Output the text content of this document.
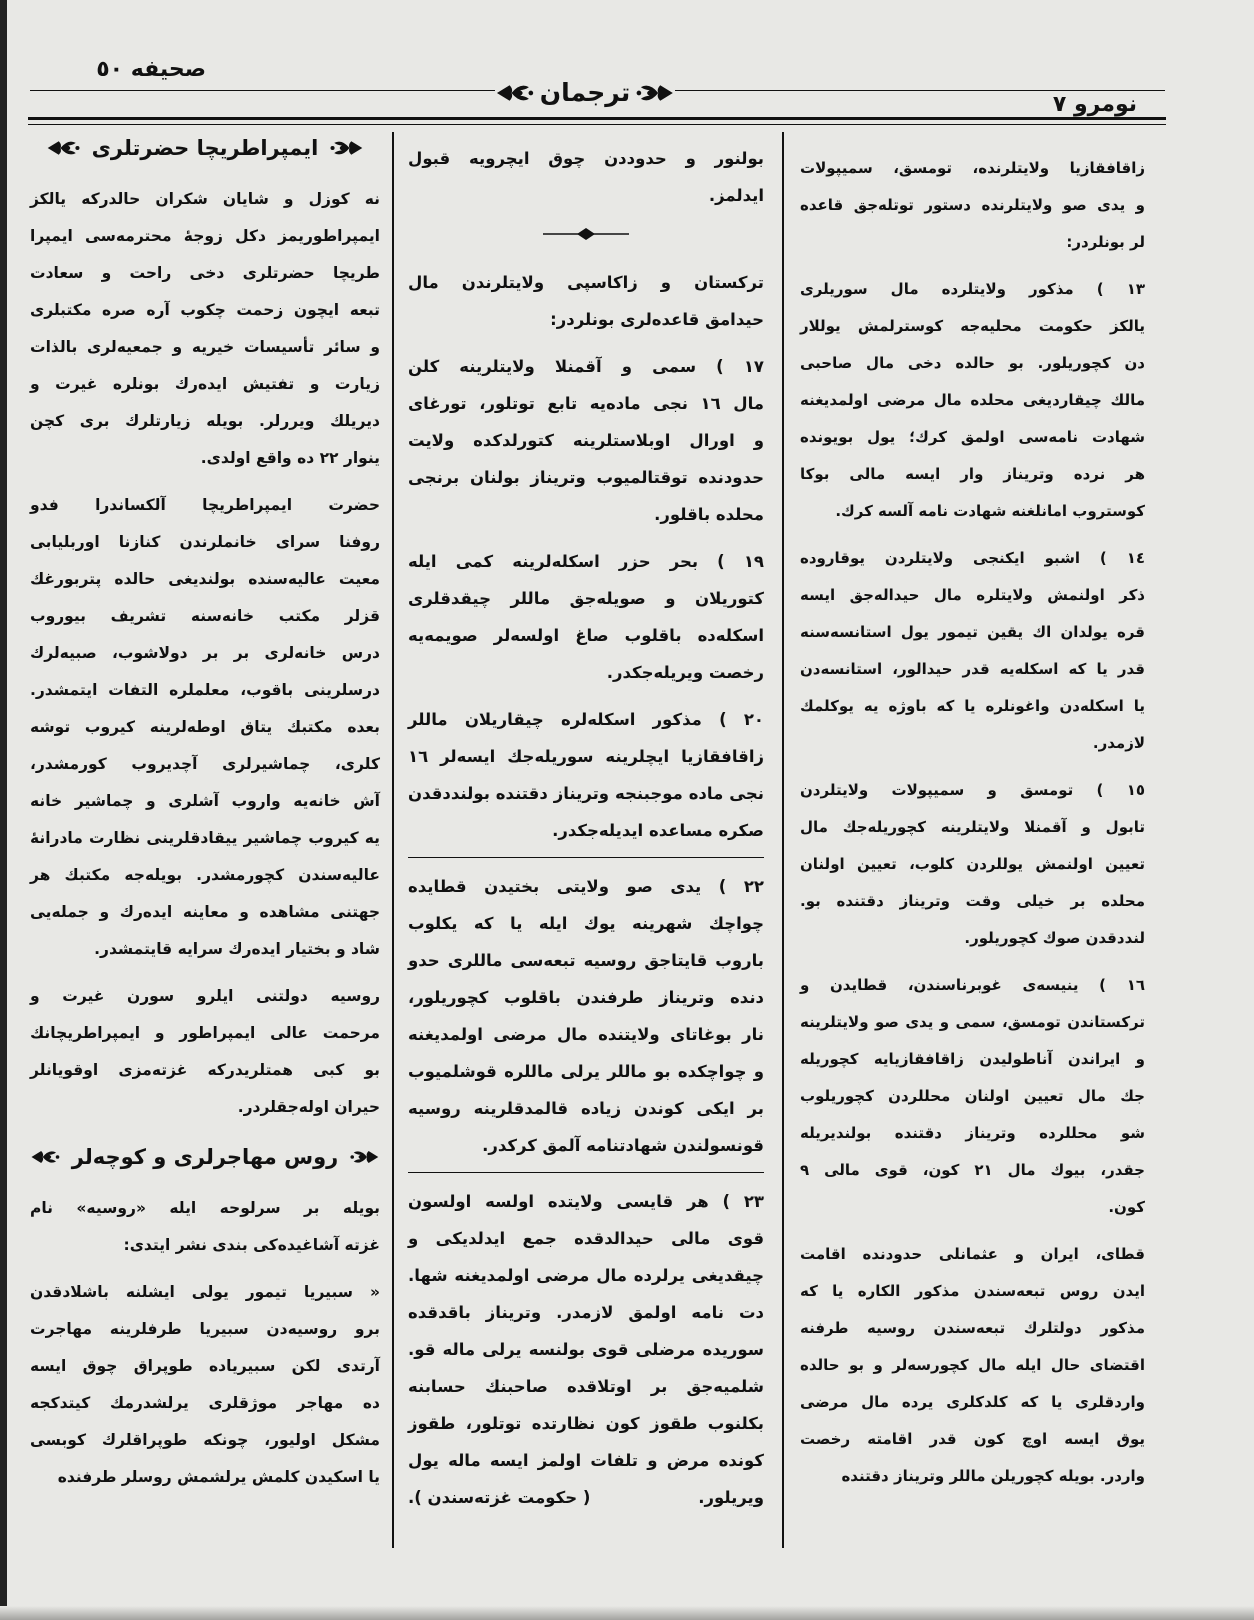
صحیفه ٥٠
ترجمان	نومرو ٧
زاقافقازیا ولایتلرنده، تومسق، سمیپولات
و یدی صو ولایتلرنده دستور توتله‌جق قاعده
لر بونلردر:
١٣ ) مذکور ولایتلرده مال سوریلری
یالکز حکومت محلیه‌جه کوسترلمش یوللار
دن کچوریلور. بو حالده دخی مال صاحبی
مالك چیقاردیغی محلده مال مرضی اولمدیغنه
شهادت نامه‌سی اولمق کرك؛ یول بویونده
هر نرده وتریناز وار ایسه مالی بوکا
کوستروب امانلغنه شهادت نامه آلسه کرك.
١٤ ) اشبو ایکنجی ولایتلردن یوقاروده
ذکر اولنمش ولایتلره مال حیداله‌جق ایسه
قره یولدان اك یقین تیمور یول استانسه‌سنه
قدر یا که اسکله‌یه قدر حیدالور، استانسه‌دن
یا اسکله‌دن واغونلره یا که باوژه یه یوکلمك
لازمدر.
١٥ ) تومسق و سمیپولات ولایتلردن
تابول و آقمنلا ولایتلرینه کچوریله‌جك مال
تعیین اولنمش یوللردن کلوب، تعیین اولنان
محلده بر خیلی وقت وتریناز دقتنده بو.
لنددقدن صوك کچوریلور.
١٦ ) ینیسه‌ی غوبرناسندن، قطایدن و
ترکستاندن تومسق، سمی و یدی صو ولایتلرینه
و ایراندن آناطولیدن زاقافقازیایه کچوریله
جك مال تعیین اولنان محللردن کچوریلوب
شو محللرده وتریناز دقتنده بولندیریله
جقدر، بیوك مال ٢١ کون، قوی مالی ٩
کون.
قطای، ایران و عثمانلی حدودنده اقامت
ایدن روس تبعه‌سندن مذکور الکاره یا که
مذکور دولتلرك تبعه‌سندن روسیه طرفنه
اقتضای حال ایله مال کچورسه‌لر و بو حالده
واردقلری یا که کلدکلری یرده مال مرضی
یوق ایسه اوچ کون قدر اقامته رخصت
واردر. بویله کچوریلن ماللر وتریناز دقتنده
بولنور و حدوددن چوق ایچرویه قبول
ایدلمز.
ترکستان و زاکاسپی ولایتلرندن مال
حیدامق قاعده‌لری بونلردر:
١٧ ) سمی و آقمنلا ولایتلرینه کلن
مال ١٦ نجی ماده‌یه تابع توتلور، تورغای
و اورال اوبلاستلرینه کتورلدکده ولایت
حدودنده توقتالمیوب وتریناز بولنان برنجی
محلده باقلور.
١٩ ) بحر حزر اسکله‌لرینه کمی ایله
کتوریلان و صویله‌جق ماللر چیقدقلری
اسکله‌ده باقلوب صاغ اولسه‌لر صویمه‌یه
رخصت ویریله‌جکدر.
٢٠ ) مذکور اسکله‌لره چیقاریلان ماللر
زاقافقازیا ایچلرینه سوریله‌جك ایسه‌لر ١٦
نجی ماده موجبنجه وتریناز دقتنده بولنددقدن
صکره مساعده ایدیله‌جکدر.
٢٢ ) یدی صو ولایتی بختیدن قطایده
چواچك شهرینه یوك ایله یا که یکلوب
باروب قایتاجق روسیه تبعه‌سی ماللری حدو
دنده وتریناز طرفندن باقلوب کچوریلور،
نار بوغاتای ولایتنده مال مرضی اولمدیغنه
و چواچکده بو ماللر یرلی ماللره قوشلمیوب
بر ایکی کوندن زیاده قالمدقلرینه روسیه
قونسولندن شهادتنامه آلمق کرکدر.
٢٣ ) هر قایسی ولایتده اولسه اولسون
قوی مالی حیدالدقده جمع ایدلدیکی و
چیقدیغی یرلرده مال مرضی اولمدیغنه شها.
دت نامه اولمق لازمدر. وتریناز باقدقده
سوریده مرضلی قوی بولنسه یرلی ماله قو.
شلمیه‌جق بر اوتلاقده صاحبنك حسابنه
بکلنوب طقوز کون نظارتده توتلور، طقوز
کونده مرض و تلفات اولمز ایسه ماله یول
ویریلور.
( حکومت غزته‌سندن ).
ایمپراطریچا حضرتلری
نه کوزل و شایان شکران حالدرکه یالکز
ایمپراطوریمز دکل زوجۀ محترمه‌سی ایمپرا
طریچا حضرتلری دخی راحت و سعادت
تبعه ایچون زحمت چکوب آره صره مکتبلری
و سائر تأسیسات خیریه و جمعیه‌لری بالذات
زیارت و تفتیش ایده‌رك بونلره غیرت و
دیریلك ویررلر. بویله زیارتلرك بری کچن
ینوار ٢٢ ده واقع اولدی.
حضرت ایمپراطریچا آلکساندرا فدو
روفنا سرای خانملرندن کنازنا اوربلیابی
معیت عالیه‌سنده بولندیغی حالده پتربورغك
قزلر مکتب خانه‌سنه تشریف بیوروب
درس خانه‌لری بر بر دولاشوب، صبیه‌لرك
درسلرینی باقوب، معلملره التفات ایتمشدر.
بعده مکتبك یتاق اوطه‌لرینه کیروب توشه
کلری، چماشیرلری آچدیروب کورمشدر،
آش خانه‌یه واروب آشلری و چماشیر خانه
یه کیروب چماشیر ییقادقلرینی نظارت مادرانۀ
عالیه‌سندن کچورمشدر. بویله‌جه مکتبك هر
جهتنی مشاهده و معاینه ایده‌رك و جمله‌یی
شاد و بختیار ایده‌رك سرایه قایتمشدر.
روسیه دولتنی ایلرو سورن غیرت و
مرحمت عالی ایمپراطور و ایمپراطریچانك
بو کبی همتلریدرکه غزته‌مزی اوقویانلر
حیران اوله‌جقلردر.
روس مهاجرلری و کوچه‌لر
بویله بر سرلوحه ایله «روسیه» نام
غزته آشاغیده‌کی بندی نشر ایتدی:
« سبیریا تیمور یولی ایشلنه باشلادقدن
برو روسیه‌دن سبیریا طرفلرینه مهاجرت
آرتدی لکن سبیریاده طوپراق چوق ایسه
ده مهاجر موژقلری یرلشدرمك کیتدکجه
مشکل اولیور، چونکه طوپراقلرك کوبسی
یا اسکیدن کلمش یرلشمش روسلر طرفنده
